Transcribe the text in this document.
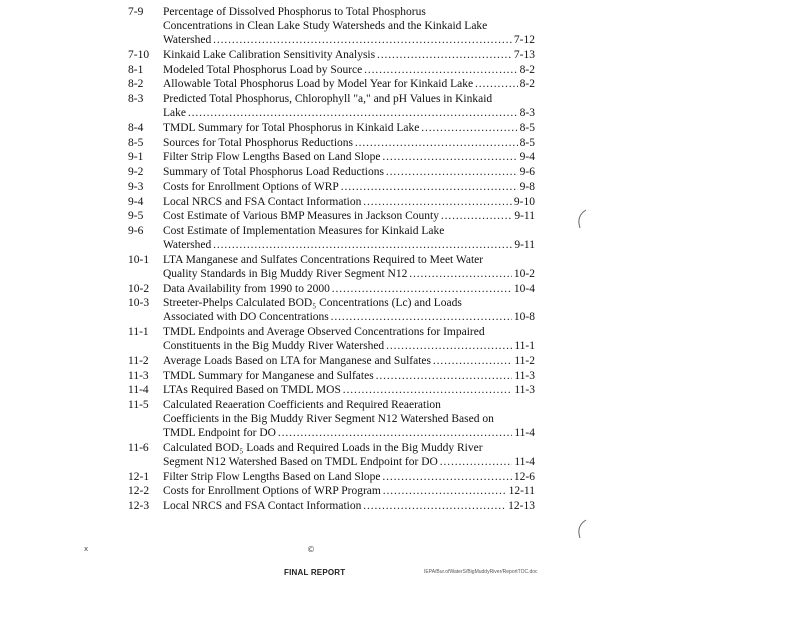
7-9	Percentage of Dissolved Phosphorus to Total Phosphorus
Concentrations in Clean Lake Study Watersheds and the Kinkaid Lake
Watershed	7-12
. . .
7-10	Kinkaid Lake Calibration Sensitivity Analysis	7-13
. . .
8-1	Modeled Total Phosphorus Load by Source	8-2
. . .
8-2	Allowable Total Phosphorus Load by Model Year for Kinkaid Lake	8-2
. . .
8-3	Predicted Total Phosphorus, Chlorophyll "a," and pH Values in Kinkaid
Lake	8-3
. . .
8-4	TMDL Summary for Total Phosphorus in Kinkaid Lake	8-5
. . .
8-5	Sources for Total Phosphorus Reductions	8-5
. . .
9-1	Filter Strip Flow Lengths Based on Land Slope	9-4
. . .
9-2	Summary of Total Phosphorus Load Reductions	9-6
. . .
9-3	Costs for Enrollment Options of WRP	9-8
. . .
9-4	Local NRCS and FSA Contact Information	9-10
. . .
9-5	Cost Estimate of Various BMP Measures in Jackson County	9-11
. . .
9-6	Cost Estimate of Implementation Measures for Kinkaid Lake
Watershed	9-11
. . .
10-1	LTA Manganese and Sulfates Concentrations Required to Meet Water
Quality Standards in Big Muddy River Segment N12	10-2
. . .
10-2	Data Availability from 1990 to 2000	10-4
. . .
10-3	Streeter-Phelps Calculated BOD₅ Concentrations (Lc) and Loads
Associated with DO Concentrations	10-8
. . .
11-1	TMDL Endpoints and Average Observed Concentrations for Impaired
Constituents in the Big Muddy River Watershed	11-1
. . .
11-2	Average Loads Based on LTA for Manganese and Sulfates	11-2
. . .
11-3	TMDL Summary for Manganese and Sulfates	11-3
. . .
11-4	LTAs Required Based on TMDL MOS	11-3
. . .
11-5	Calculated Reaeration Coefficients and Required Reaeration
Coefficients in the Big Muddy River Segment N12 Watershed Based on
TMDL Endpoint for DO	11-4
. . .
11-6	Calculated BOD₅ Loads and Required Loads in the Big Muddy River
Segment N12 Watershed Based on TMDL Endpoint for DO	11-4
. . .
12-1	Filter Strip Flow Lengths Based on Land Slope	12-6
. . .
12-2	Costs for Enrollment Options of WRP Program	12-11
. . .
12-3	Local NRCS and FSA Contact Information	12-13
. . .
x	©
FINAL REPORT	IEPA/Bur.ofWaterS/BigMuddyRiver/ReportTOC.doc
